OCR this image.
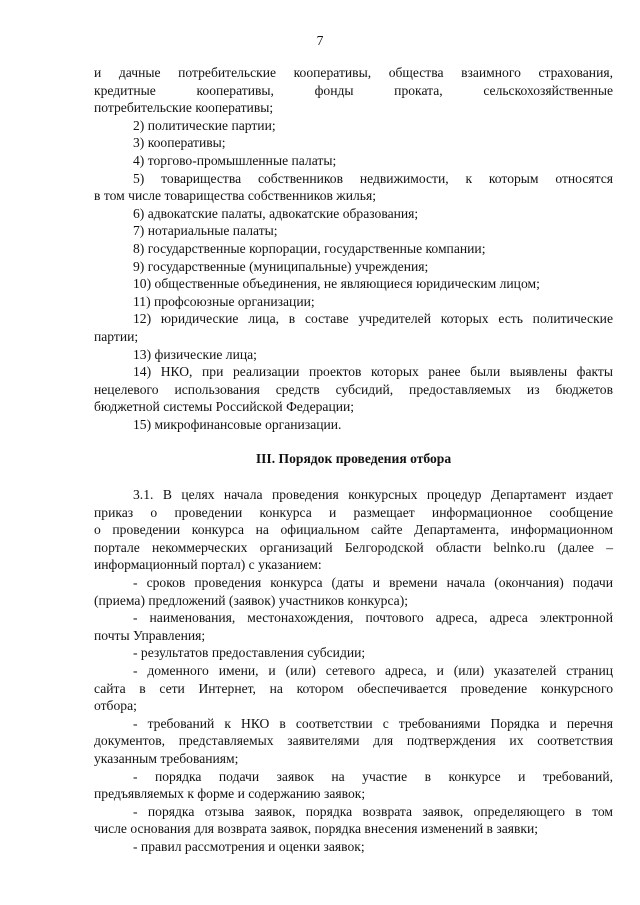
7

и дачные потребительские кооперативы, общества взаимного страхования,

кредитные кооперативы, фонды проката, сельскохозяйственные

потребительские кооперативы;

2) политические партии;

3) кооперативы;

4) торгово-промышленные палаты;

5) товарищества собственников недвижимости, к которым относятся

в том числе товарищества собственников жилья;

6) адвокатские палаты, адвокатские образования;

7) нотариальные палаты;

8) государственные корпорации, государственные компании;

9) государственные (муниципальные) учреждения;

10) общественные объединения, не являющиеся юридическим лицом;

11) профсоюзные организации;

12) юридические лица, в составе учредителей которых есть политические

партии;

13) физические лица;

14) НКО, при реализации проектов которых ранее были выявлены факты

нецелевого использования средств субсидий, предоставляемых из бюджетов

бюджетной системы Российской Федерации;

15) микрофинансовые организации.

III. Порядок проведения отбора

3.1. В целях начала проведения конкурсных процедур Департамент издает

приказ о проведении конкурса и размещает информационное сообщение

о проведении конкурса на официальном сайте Департамента, информационном

портале некоммерческих организаций Белгородской области belnko.ru (далее –

информационный портал) с указанием:

- сроков проведения конкурса (даты и времени начала (окончания) подачи

(приема) предложений (заявок) участников конкурса);

- наименования, местонахождения, почтового адреса, адреса электронной

почты Управления;

- результатов предоставления субсидии;

- доменного имени, и (или) сетевого адреса, и (или) указателей страниц

сайта в сети Интернет, на котором обеспечивается проведение конкурсного

отбора;

- требований к НКО в соответствии с требованиями Порядка и перечня

документов, представляемых заявителями для подтверждения их соответствия

указанным требованиям;

- порядка подачи заявок на участие в конкурсе и требований,

предъявляемых к форме и содержанию заявок;

- порядка отзыва заявок, порядка возврата заявок, определяющего в том

числе основания для возврата заявок, порядка внесения изменений в заявки;

- правил рассмотрения и оценки заявок;
